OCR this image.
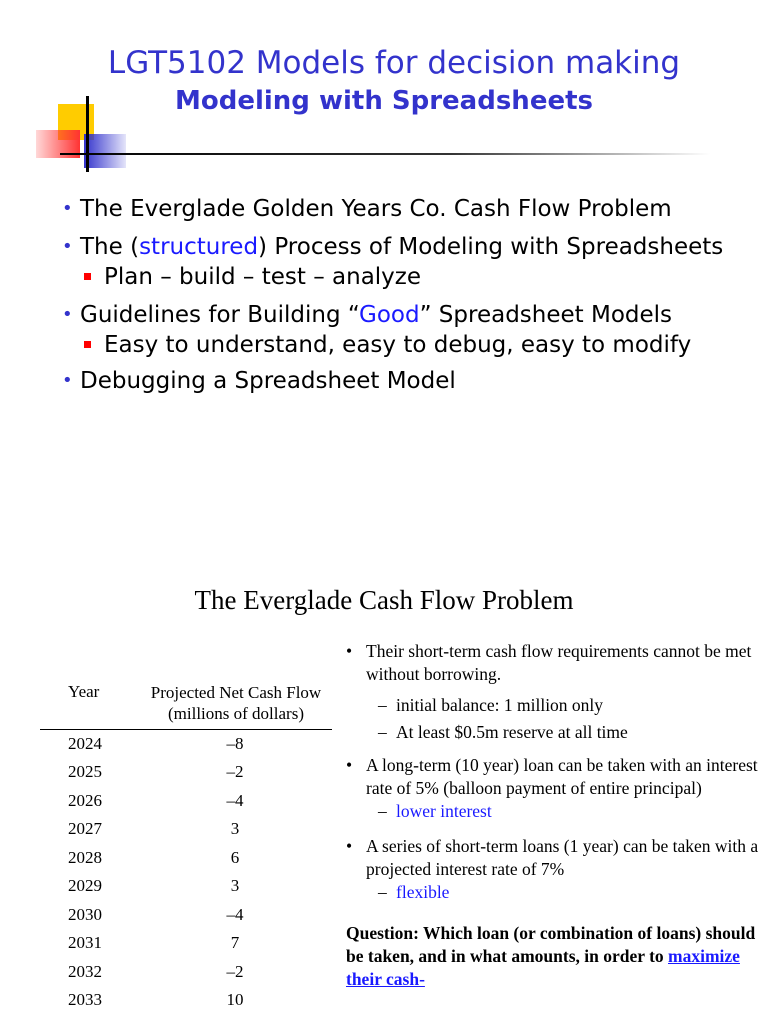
LGT5102 Models for decision making
Modeling with Spreadsheets
• The Everglade Golden Years Co. Cash Flow Problem
• The (structured) Process of Modeling with Spreadsheets
Plan – build – test – analyze
• Guidelines for Building “Good” Spreadsheet Models
Easy to understand, easy to debug, easy to modify
• Debugging a Spreadsheet Model
The Everglade Cash Flow Problem
Year	Projected Net Cash Flow
(millions of dollars)
2024	–8
2025	–2
2026	–4
2027	3
2028	6
2029	3
2030	–4
2031	7
2032	–2
2033	10
• Their short-term cash flow requirements cannot be met without borrowing.
– initial balance: 1 million only
– At least $0.5m reserve at all time
• A long-term (10 year) loan can be taken with an interest rate of 5% (balloon payment of entire principal)
– lower interest
• A series of short-term loans (1 year) can be taken with a projected interest rate of 7%
– flexible
Question: Which loan (or combination of loans) should be taken, and in what amounts, in order to maximize their cash-
